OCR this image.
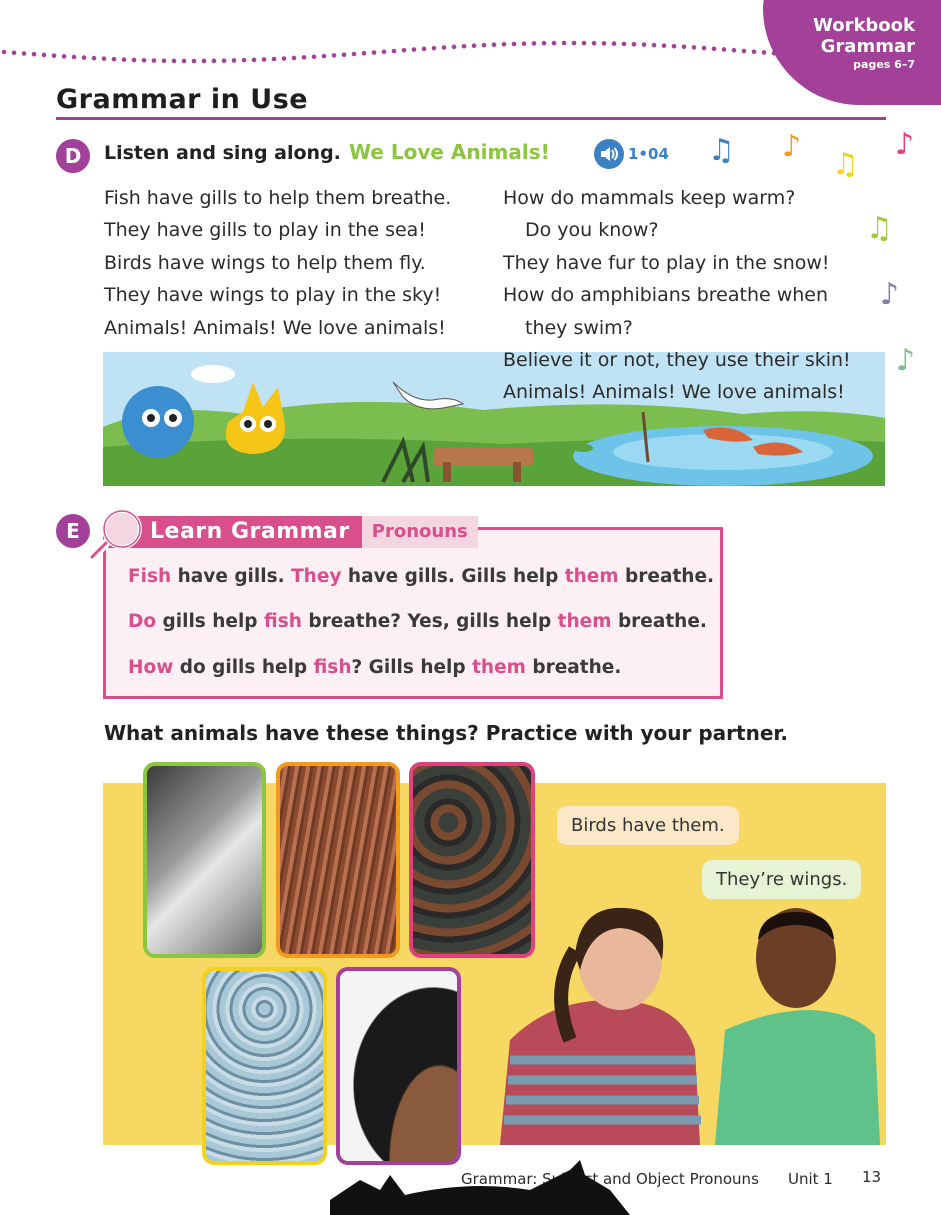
Workbook
Grammar
pages 6–7
Grammar in Use
D	Listen and sing along. We Love Animals!	1•04 ♫ ♪
♫
♪
♫
♪
♪
Fish have gills to help them breathe.
They have gills to play in the sea!
Birds have wings to help them fly.
They have wings to play in the sky!
Animals! Animals! We love animals!
How do mammals keep warm?
Do you know?
They have fur to play in the snow!
How do amphibians breathe when
they swim?
Believe it or not, they use their skin!
Animals! Animals! We love animals!
E	Learn Grammar	Pronouns
Fish have gills. They have gills. Gills help them breathe.
Do gills help fish breathe? Yes, gills help them breathe.
How do gills help fish? Gills help them breathe.
What animals have these things? Practice with your partner.
Birds have them.
They’re wings.
Grammar: Subject and Object Pronouns Unit 1 13
